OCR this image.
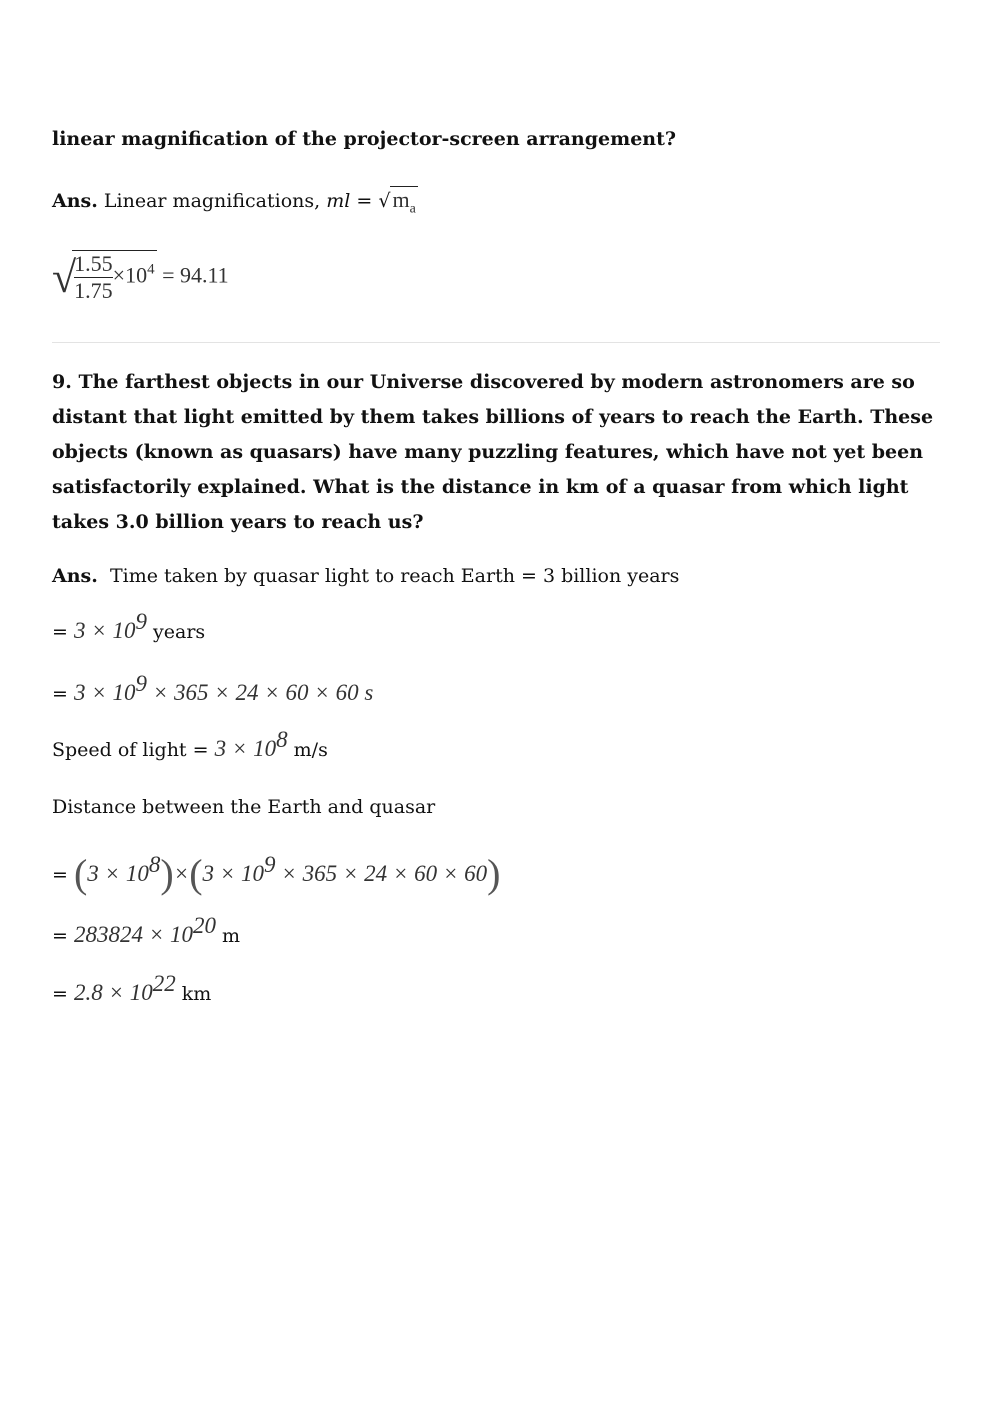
linear magnification of the projector-screen arrangement?
Ans. Linear magnifications, ml = $√m_a$
√
$\frac{1.55}{1.75} \times 10^4 = 94.11$
9. The farthest objects in our Universe discovered by modern astronomers are so distant that light emitted by them takes billions of years to reach the Earth. These objects (known as quasars) have many puzzling features, which have not yet been satisfactorily explained. What is the distance in km of a quasar from which light takes 3.0 billion years to reach us?
Ans. Time taken by quasar light to reach Earth = 3 billion years
= $3 \times 10^9$ years
= $3 \times 10^9 \times 365 \times 24 \times 60 \times 60$ s
Speed of light = $3 \times 10^8$ m/s
Distance between the Earth and quasar
= $(3 \times 10^8)\times(3 \times 10^9 \times 365 \times 24 \times 60 \times 60)$
= $283824 \times 10^{20}$ m
= $2.8 \times 10^{22}$ km
